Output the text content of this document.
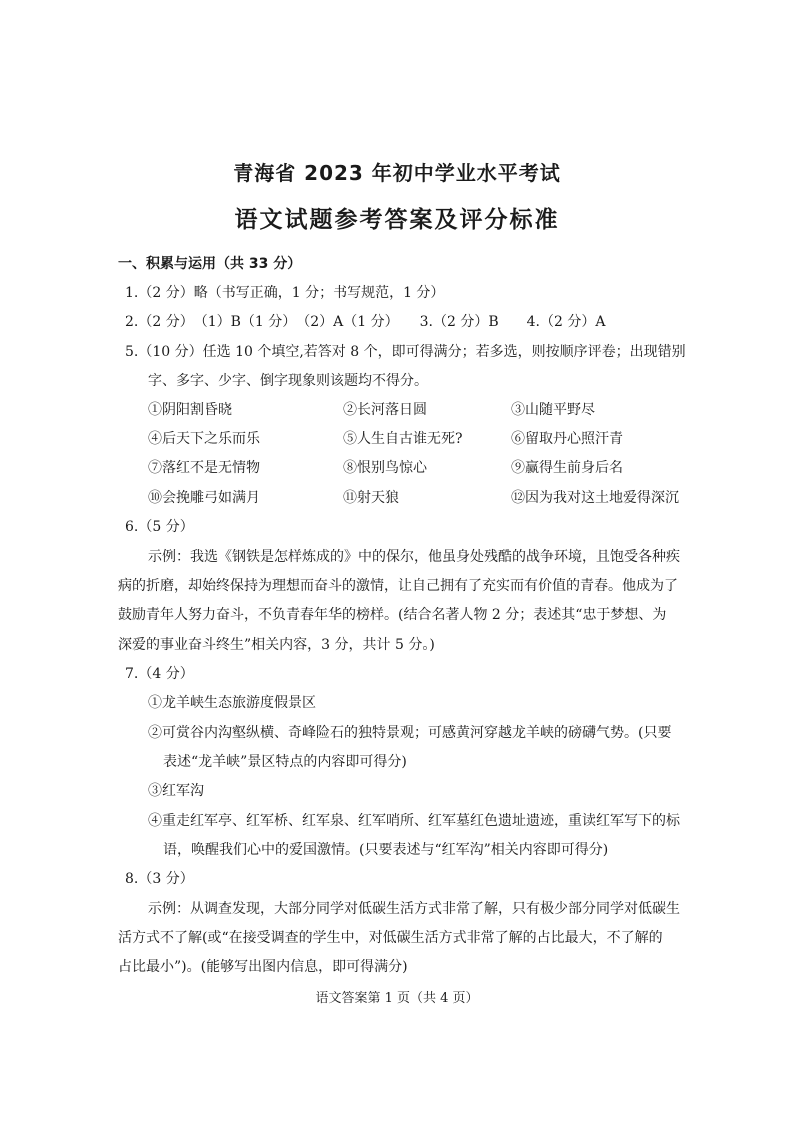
青海省 2023 年初中学业水平考试
语文试题参考答案及评分标准
一、积累与运用（共 33 分）
1.（2 分）略（书写正确，1 分；书写规范，1 分）
2.（2 分）　（1）B（1 分）　（2）A（1 分）　　3.（2 分）B　　4.（2 分）A
5.（10 分）任选 10 个填空,若答对 8 个，即可得满分；若多选，则按顺序评卷；出现错别
字、多字、少字、倒字现象则该题均不得分。
①阴阳割昏晓	②长河落日圆	③山随平野尽
④后天下之乐而乐	⑤人生自古谁无死?	⑥留取丹心照汗青
⑦落红不是无情物	⑧恨别鸟惊心	⑨赢得生前身后名
⑩会挽雕弓如满月	⑪射天狼	⑫因为我对这土地爱得深沉
6.（5 分）
示例：我选《钢铁是怎样炼成的》中的保尔，他虽身处残酷的战争环境，且饱受各种疾
病的折磨，却始终保持为理想而奋斗的激情，让自己拥有了充实而有价值的青春。他成为了
鼓励青年人努力奋斗，不负青春年华的榜样。(结合名著人物 2 分；表述其“忠于梦想、为
深爱的事业奋斗终生”相关内容，3 分，共计 5 分。)
7.（4 分）
①龙羊峡生态旅游度假景区
②可赏谷内沟壑纵横、奇峰险石的独特景观；可感黄河穿越龙羊峡的磅礴气势。(只要
表述“龙羊峡”景区特点的内容即可得分)
③红军沟
④重走红军亭、红军桥、红军泉、红军哨所、红军墓红色遗址遗迹，重读红军写下的标
语，唤醒我们心中的爱国激情。(只要表述与“红军沟”相关内容即可得分)
8.（3 分）
示例：从调查发现，大部分同学对低碳生活方式非常了解，只有极少部分同学对低碳生
活方式不了解(或“在接受调查的学生中，对低碳生活方式非常了解的占比最大，不了解的
占比最小”)。(能够写出图内信息，即可得满分)
语文答案第 1 页（共 4 页）
